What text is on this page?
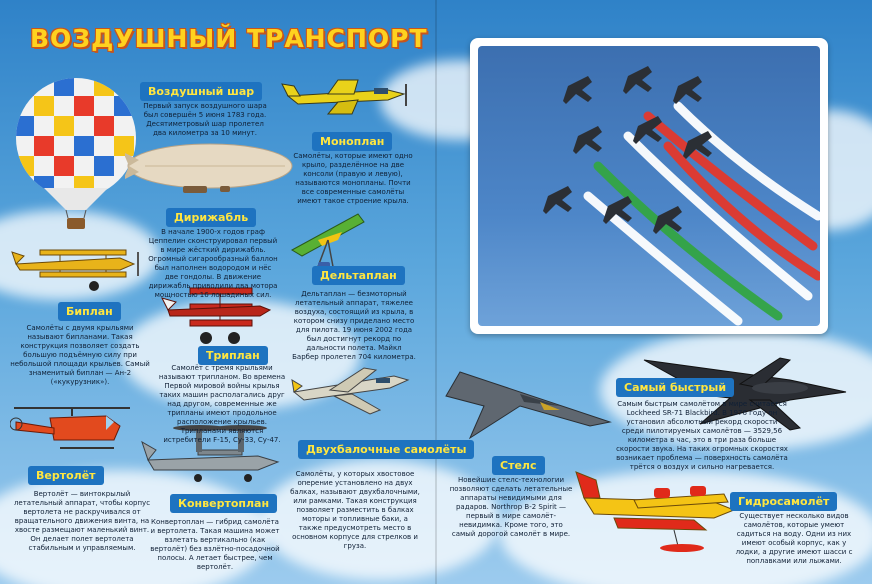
ВОЗДУШНЫЙ ТРАНСПОРТ
Воздушный шар
Моноплан
Дирижабль
Дельтаплан
Биплан
Триплан
Двухбалочные самолёты
Вертолёт
Конвертоплан
Стелс
Самый быстрый
Гидросамолёт
Первый запуск воздушного шара был совершён 5 июня 1783 года. Десятиметровый шар пролетел два километра за 10 минут.
Самолёты, которые имеют одно крыло, разделённое на две консоли (правую и левую), называются монопланы. Почти все современные самолёты имеют такое строение крыла.
В начале 1900-х годов граф Цеппелин сконструировал первый в мире жёсткий дирижабль. Огромный сигарообразный баллон был наполнен водородом и нёс две гондолы. В движение дирижабль приводили два мотора мощностью 16 лошадиных сил.	Дельтаплан — безмоторный летательный аппарат, тяжелее воздуха, состоящий из крыла, в котором снизу приделано место для пилота. 19 июня 2002 года был достигнут рекорд по дальности полета. Майкл Барбер пролетел 704 километра.
Самолёты с двумя крыльями называют бипланами. Такая конструкция позволяет создать большую подъёмную силу при небольшой площади крыльев. Самый знаменитый биплан — Ан-2 («кукурузник»).
Самолёт с тремя крыльями называют трипланом. Во времена Первой мировой войны крылья таких машин располагались друг над другом, современные же трипланы имеют продольное расположение крыльев. Трипланами являются истребители F-15, Су-33, Су-47.
Самолёты, у которых хвостовое оперение установлено на двух балках, называют двухбалочными, или рамками. Такая конструкция позволяет разместить в балках моторы и топливные баки, а также предусмотреть место в основном корпусе для стрелков и груза.
Вертолёт — винтокрылый летательный аппарат, чтобы корпус вертолета не раскручивался от вращательного движения винта, на хвосте размещают маленький винт. Он делает полет вертолета стабильным и управляемым.
Конвертоплан — гибрид самолёта и вертолета. Такая машина может взлетать вертикально (как вертолёт) без взлётно-посадочной полосы. А летает быстрее, чем вертолёт.
Новейшие стелс-технологии позволяют сделать летательные аппараты невидимыми для радаров. Northrop B-2 Spirit — первый в мире самолёт-невидимка. Кроме того, это самый дорогой самолёт в мире.
Самым быстрым самолётом в мире считается Lockheed SR-71 Blackbird. В 1976 году он установил абсолютный рекорд скорости среди пилотируемых самолётов — 3529,56 километра в час, это в три раза больше скорости звука. На таких огромных скоростях возникает проблема — поверхность самолёта трётся о воздух и сильно нагревается.
Существует несколько видов самолётов, которые умеют садиться на воду. Одни из них имеют особый корпус, как у лодки, а другие имеют шасси с поплавками или лыжами.
